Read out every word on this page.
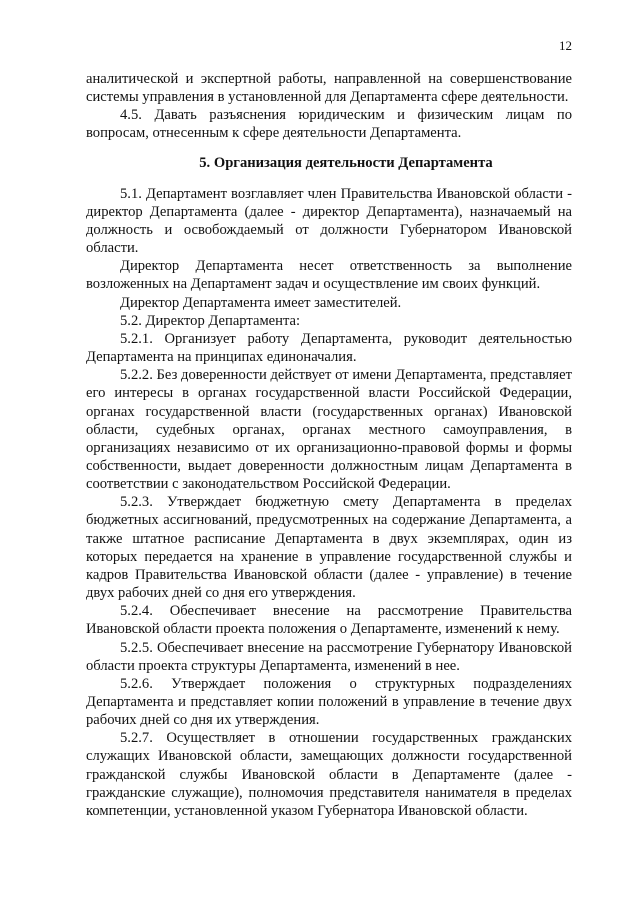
12

аналитической и экспертной работы, направленной на совершенствование системы управления в установленной для Департамента сфере деятельности.

4.5. Давать разъяснения юридическим и физическим лицам по вопросам, отнесенным к сфере деятельности Департамента.

5. Организация деятельности Департамента

5.1. Департамент возглавляет член Правительства Ивановской области - директор Департамента (далее - директор Департамента), назначаемый на должность и освобождаемый от должности Губернатором Ивановской области.

Директор Департамента несет ответственность за выполнение возложенных на Департамент задач и осуществление им своих функций.

Директор Департамента имеет заместителей.

5.2. Директор Департамента:

5.2.1. Организует работу Департамента, руководит деятельностью Департамента на принципах единоначалия.

5.2.2. Без доверенности действует от имени Департамента, представляет его интересы в органах государственной власти Российской Федерации, органах государственной власти (государственных органах) Ивановской области, судебных органах, органах местного самоуправления, в организациях независимо от их организационно-правовой формы и формы собственности, выдает доверенности должностным лицам Департамента в соответствии с законодательством Российской Федерации.

5.2.3. Утверждает бюджетную смету Департамента в пределах бюджетных ассигнований, предусмотренных на содержание Департамента, а также штатное расписание Департамента в двух экземплярах, один из которых передается на хранение в управление государственной службы и кадров Правительства Ивановской области (далее - управление) в течение двух рабочих дней со дня его утверждения.

5.2.4. Обеспечивает внесение на рассмотрение Правительства Ивановской области проекта положения о Департаменте, изменений к нему.

5.2.5. Обеспечивает внесение на рассмотрение Губернатору Ивановской области проекта структуры Департамента, изменений в нее.

5.2.6. Утверждает положения о структурных подразделениях Департамента и представляет копии положений в управление в течение двух рабочих дней со дня их утверждения.

5.2.7. Осуществляет в отношении государственных гражданских служащих Ивановской области, замещающих должности государственной гражданской службы Ивановской области в Департаменте (далее - гражданские служащие), полномочия представителя нанимателя в пределах компетенции, установленной указом Губернатора Ивановской области.
